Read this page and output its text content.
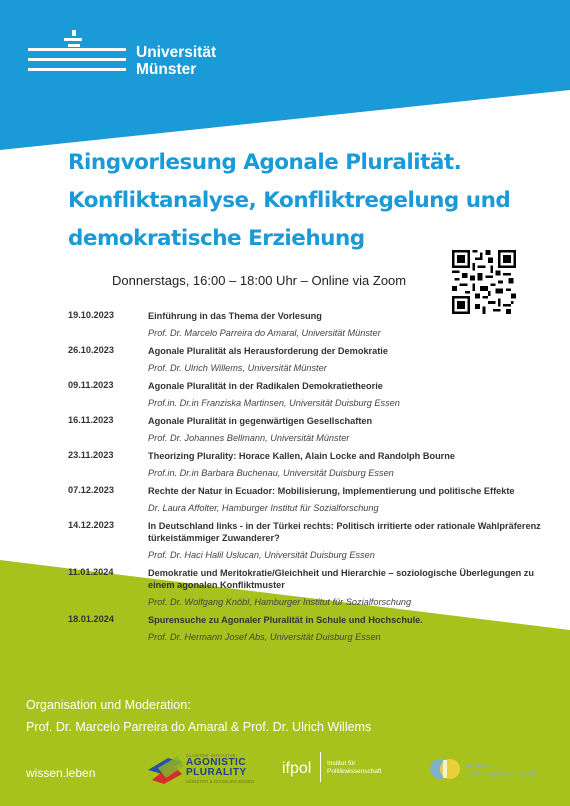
Universität
Münster
Ringvorlesung Agonale Pluralität.
Konfliktanalyse, Konfliktregelung und
demokratische Erziehung
Donnerstags, 16:00 – 18:00 Uhr – Online via Zoom
19.10.2023	Einführung in das Thema der Vorlesung
Prof. Dr. Marcelo Parreira do Amaral, Universität Münster
26.10.2023	Agonale Pluralität als Herausforderung der Demokratie
Prof. Dr. Ulrich Willems, Universität Münster
09.11.2023	Agonale Pluralität in der Radikalen Demokratietheorie
Prof.in. Dr.in Franziska Martinsen, Universität Duisburg Essen
16.11.2023	Agonale Pluralität in gegenwärtigen Gesellschaften
Prof. Dr. Johannes Bellmann, Universität Münster
23.11.2023	Theorizing Plurality: Horace Kallen, Alain Locke and Randolph Bourne
Prof.in. Dr.in Barbara Buchenau, Universität Duisburg Essen
07.12.2023	Rechte der Natur in Ecuador: Mobilisierung, Implementierung und politische Effekte
Dr. Laura Affolter, Hamburger Institut für Sozialforschung
14.12.2023	In Deutschland links - in der Türkei rechts: Politisch irritierte oder rationale Wahlpräferenz türkeistämmiger Zuwanderer?
Prof. Dr. Haci Halil Uslucan, Universität Duisburg Essen
11.01.2024	Demokratie und Meritokratie/Gleichheit und Hierarchie – soziologische Überlegungen zu einem agonalen Konfliktmuster
Prof. Dr. Wolfgang Knöbl, Hamburger Institut für Sozialforschung
18.01.2024	Spurensuche zu Agonaler Pluralität in Schule und Hochschule.
Prof. Dr. Hermann Josef Abs, Universität Duisburg Essen
Organisation und Moderation:
Prof. Dr. Marcelo Parreira do Amaral & Prof. Dr. Ulrich Willems
wissen.leben
CLUSTER INITIATIVE
AGONISTIC
PLURALITY
MÜNSTER & DUISBURG-ESSEN
ifpol Institut für
Politikwissenschaft
Institut für
Erziehungswissenschaft
